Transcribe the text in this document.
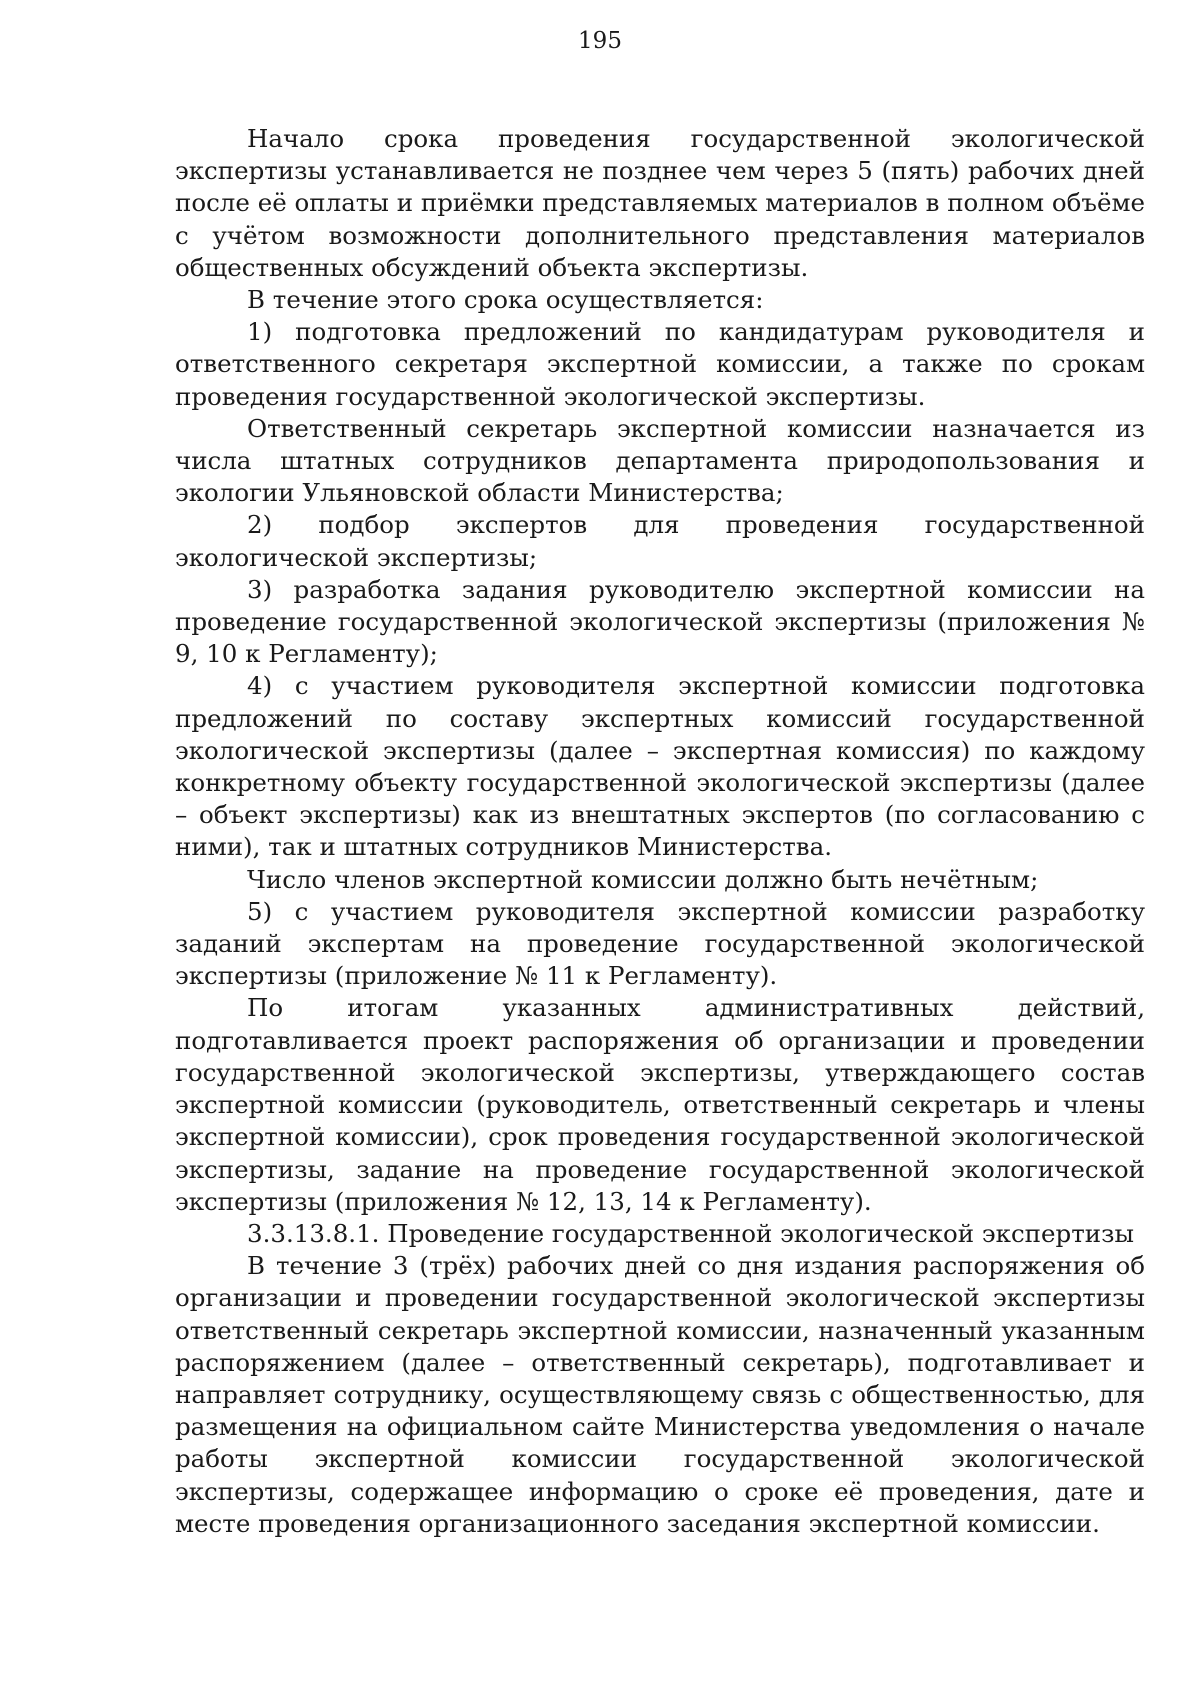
195

Начало срока проведения государственной экологической экспертизы устанавливается не позднее чем через 5 (пять) рабочих дней после её оплаты и приёмки представляемых материалов в полном объёме с учётом возможности дополнительного представления материалов общественных обсуждений объекта экспертизы.

В течение этого срока осуществляется:

1) подготовка предложений по кандидатурам руководителя и ответственного секретаря экспертной комиссии, а также по срокам проведения государственной экологической экспертизы.

Ответственный секретарь экспертной комиссии назначается из числа штатных сотрудников департамента природопользования и экологии Ульяновской области Министерства;

2) подбор экспертов для проведения государственной экологической экспертизы;

3) разработка задания руководителю экспертной комиссии на проведение государственной экологической экспертизы (приложения № 9, 10 к Регламенту);

4) с участием руководителя экспертной комиссии подготовка предложений по составу экспертных комиссий государственной экологической экспертизы (далее – экспертная комиссия) по каждому конкретному объекту государственной экологической экспертизы (далее – объект экспертизы) как из внештатных экспертов (по согласованию с ними), так и штатных сотрудников Министерства.

Число членов экспертной комиссии должно быть нечётным;

5) с участием руководителя экспертной комиссии разработку заданий экспертам на проведение государственной экологической экспертизы (приложение № 11 к Регламенту).

По итогам указанных административных действий, подготавливается проект распоряжения об организации и проведении государственной экологической экспертизы, утверждающего состав экспертной комиссии (руководитель, ответственный секретарь и члены экспертной комиссии), срок проведения государственной экологической экспертизы, задание на проведение государственной экологической экспертизы (приложения № 12, 13, 14 к Регламенту).

3.3.13.8.1. Проведение государственной экологической экспертизы

В течение 3 (трёх) рабочих дней со дня издания распоряжения об организации и проведении государственной экологической экспертизы ответственный секретарь экспертной комиссии, назначенный указанным распоряжением (далее – ответственный секретарь), подготавливает и направляет сотруднику, осуществляющему связь с общественностью, для размещения на официальном сайте Министерства уведомления о начале работы экспертной комиссии государственной экологической экспертизы, содержащее информацию о сроке её проведения, дате и месте проведения организационного заседания экспертной комиссии.
